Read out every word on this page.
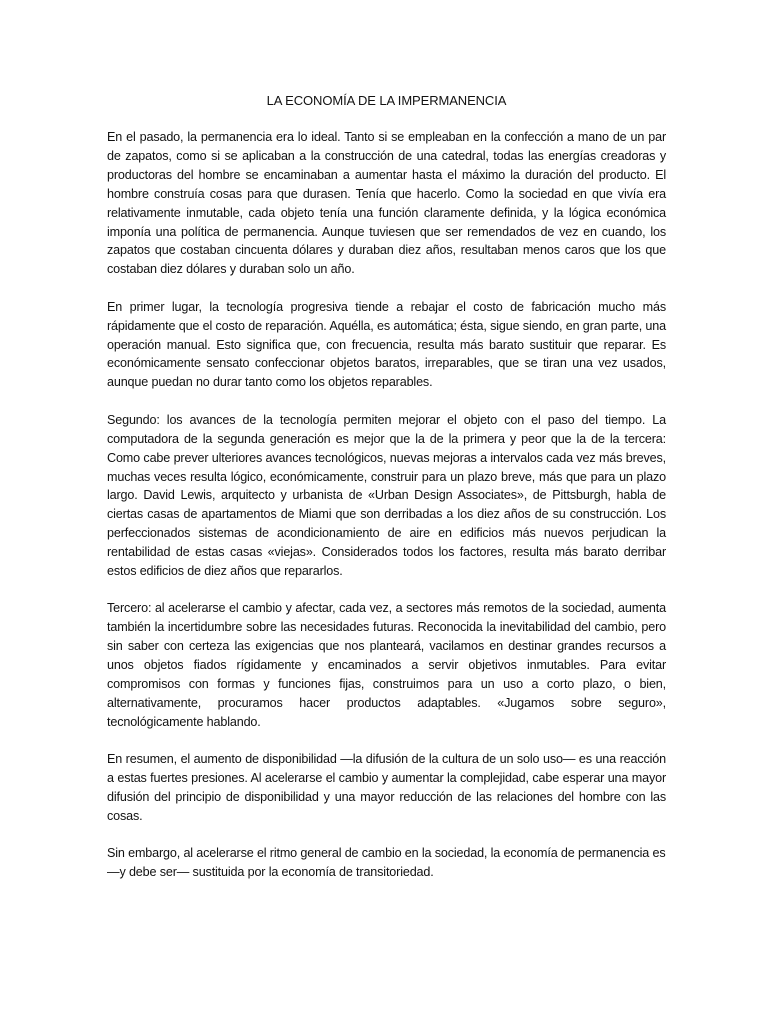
LA ECONOMÍA DE LA IMPERMANENCIA

En el pasado, la permanencia era lo ideal. Tanto si se empleaban en la confección a mano de un par de zapatos, como si se aplicaban a la construcción de una catedral, todas las energías creadoras y productoras del hombre se encaminaban a aumentar hasta el máximo la duración del producto. El hombre construía cosas para que durasen. Tenía que hacerlo. Como la sociedad en que vivía era relativamente inmutable, cada objeto tenía una función claramente definida, y la lógica económica imponía una política de permanencia. Aunque tuviesen que ser remendados de vez en cuando, los zapatos que costaban cincuenta dólares y duraban diez años, resultaban menos caros que los que costaban diez dólares y duraban solo un año.

En primer lugar, la tecnología progresiva tiende a rebajar el costo de fabricación mucho más rápidamente que el costo de reparación. Aquélla, es automática; ésta, sigue siendo, en gran parte, una operación manual. Esto significa que, con frecuencia, resulta más barato sustituir que reparar. Es económicamente sensato confeccionar objetos baratos, irreparables, que se tiran una vez usados, aunque puedan no durar tanto como los objetos reparables.

Segundo: los avances de la tecnología permiten mejorar el objeto con el paso del tiempo. La computadora de la segunda generación es mejor que la de la primera y peor que la de la tercera: Como cabe prever ulteriores avances tecnológicos, nuevas mejoras a intervalos cada vez más breves, muchas veces resulta lógico, económicamente, construir para un plazo breve, más que para un plazo largo. David Lewis, arquitecto y urbanista de «Urban Design Associates», de Pittsburgh, habla de ciertas casas de apartamentos de Miami que son derribadas a los diez años de su construcción. Los perfeccionados sistemas de acondicionamiento de aire en edificios más nuevos perjudican la rentabilidad de estas casas «viejas». Considerados todos los factores, resulta más barato derribar estos edificios de diez años que repararlos.

Tercero: al acelerarse el cambio y afectar, cada vez, a sectores más remotos de la sociedad, aumenta también la incertidumbre sobre las necesidades futuras. Reconocida la inevitabilidad del cambio, pero sin saber con certeza las exigencias que nos planteará, vacilamos en destinar grandes recursos a unos objetos fiados rígidamente y encaminados a servir objetivos inmutables. Para evitar compromisos con formas y funciones fijas, construimos para un uso a corto plazo, o bien, alternativamente, procuramos hacer productos adaptables. «Jugamos sobre seguro», tecnológicamente hablando.

En resumen, el aumento de disponibilidad —la difusión de la cultura de un solo uso— es una reacción a estas fuertes presiones. Al acelerarse el cambio y aumentar la complejidad, cabe esperar una mayor difusión del principio de disponibilidad y una mayor reducción de las relaciones del hombre con las cosas.

Sin embargo, al acelerarse el ritmo general de cambio en la sociedad, la economía de permanencia es —y debe ser— sustituida por la economía de transitoriedad.
